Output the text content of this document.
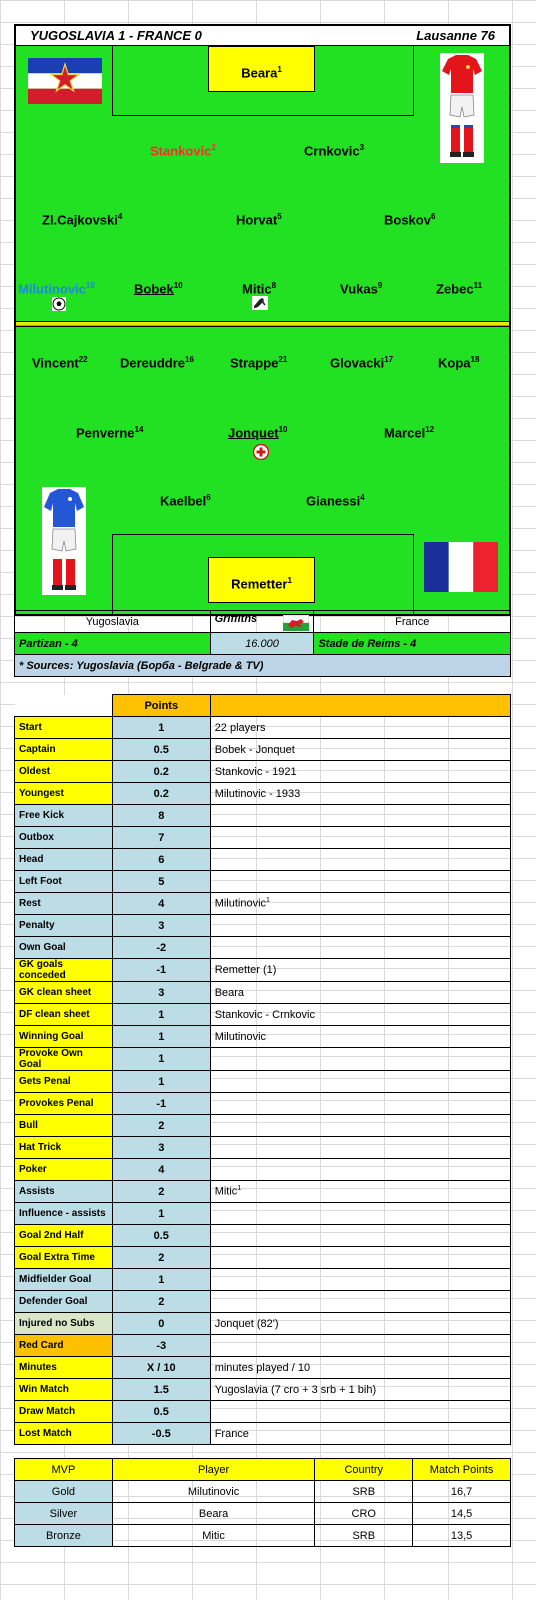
YUGOSLAVIA 1 - FRANCE 0	Lausanne 76
Beara$^1$
Remetter$^1$
Stankovic$^2$	Crnkovic$^3$
Zl.Cajkovski$^4$	Horvat$^5$	Boskov$^6$
Milutinovic$^{18}$	Bobek$^{10}$	Mitic$^8$	Vukas$^9$	Zebec$^{11}$
Vincent$^{22}$ Dereuddre$^{16}$	Strappe$^{21}$	Glovacki$^{17}$	Kopa$^{18}$
Penverne$^{14}$	Jonquet$^{10}$	Marcel$^{12}$
Kaelbel$^6$	Gianessi$^4$
Yugoslavia	Griffiths	France
Partizan - 4	16.000	Stade de Reims - 4
* Sources: Yugoslavia (Борба - Belgrade & TV)		
	Points	
Start	1	22 players
Captain	0.5	Bobek - Jonquet
Oldest	0.2	Stankovic - 1921
Youngest	0.2	Milutinovic - 1933
Free Kick	8	
Outbox	7	
Head	6	
Left Foot	5	
Rest	4	Milutinovic$^1$
Penalty	3	
Own Goal	-2	
GK goals conceded	-1	Remetter (1)
GK clean sheet	3	Beara
DF clean sheet	1	Stankovic - Crnkovic
Winning Goal	1	Milutinovic
Provoke Own Goal	1	
Gets Penal	1	
Provokes Penal	-1	
Bull	2	
Hat Trick	3	
Poker	4	
Assists	2	Mitic$^1$
Influence - assists	1	
Goal 2nd Half	0.5	
Goal Extra Time	2	
Midfielder Goal	1	
Defender Goal	2	
Injured no Subs	0	Jonquet (82')
Red Card	-3	
Minutes	X / 10	minutes played / 10
Win Match	1.5	Yugoslavia (7 cro + 3 srb + 1 bih)
Draw Match	0.5	
Lost Match	-0.5	France
MVP	Player	Country	Match Points
Gold	Milutinovic	SRB	16,7
Silver	Beara	CRO	14,5
Bronze	Mitic	SRB	13,5
